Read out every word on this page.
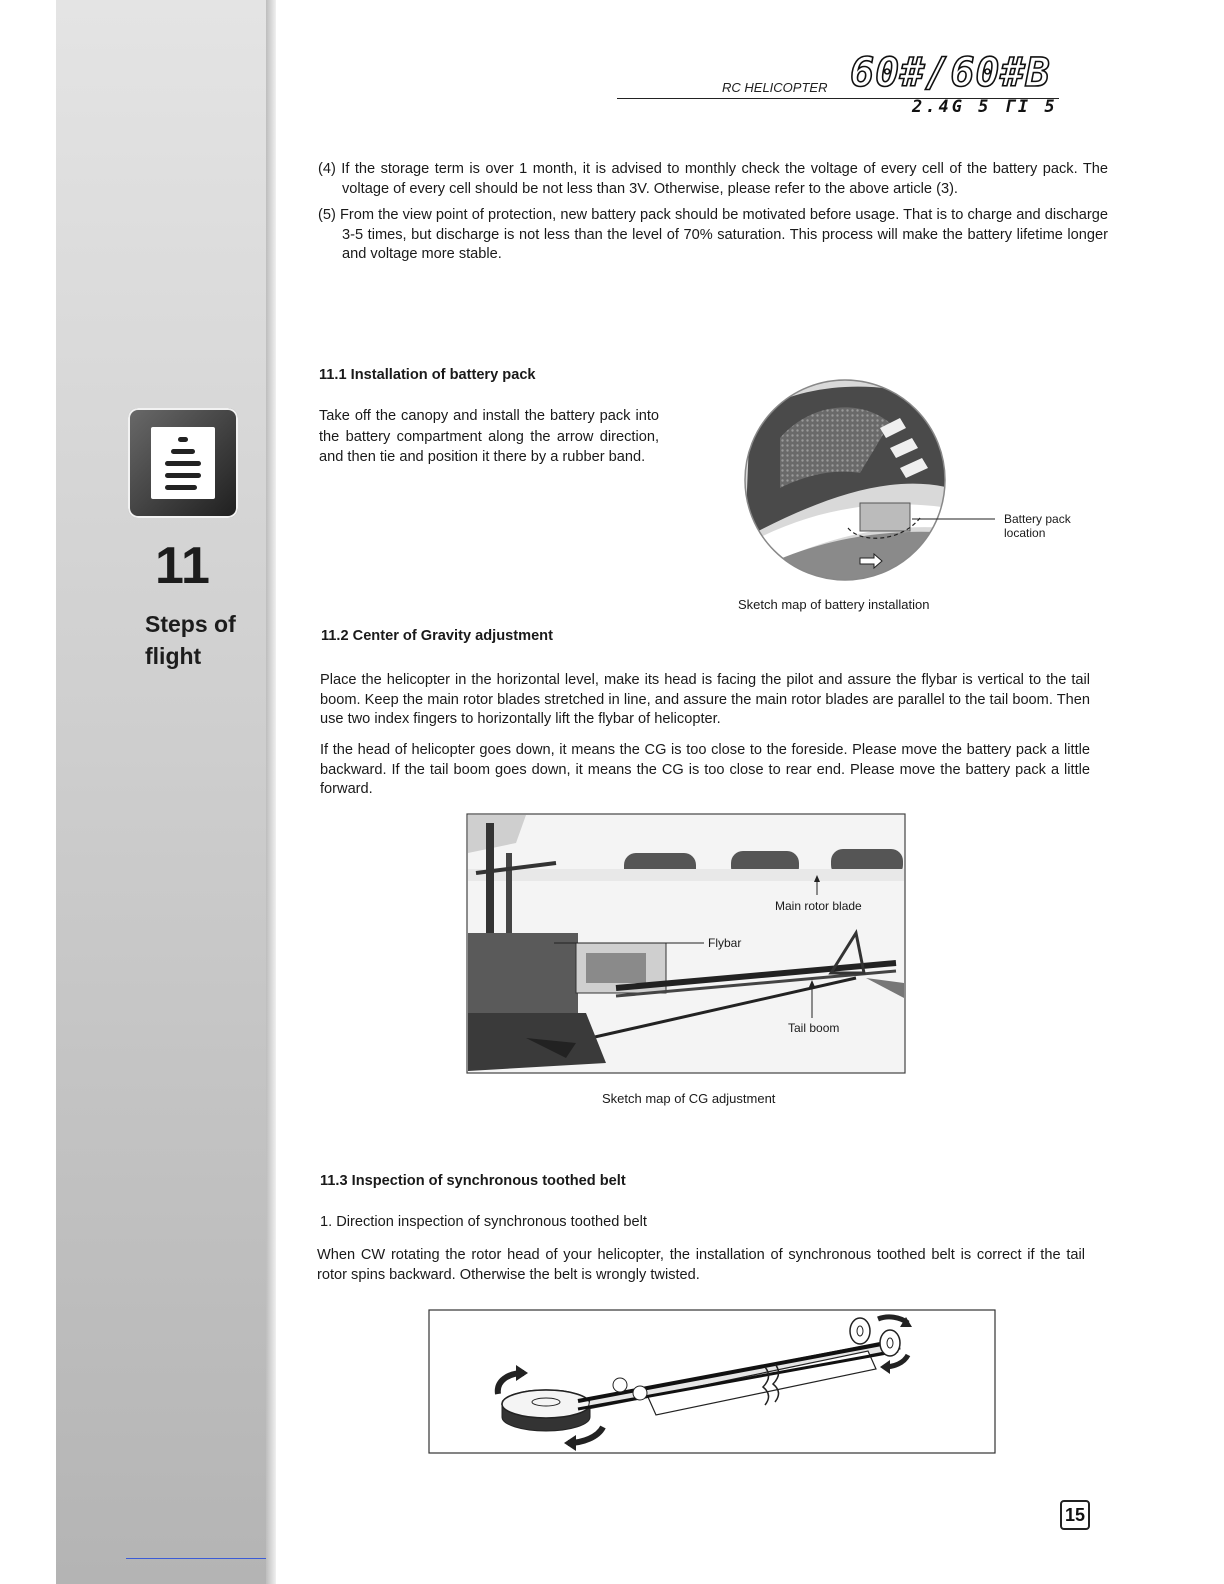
11
Steps of flight
RC HELICOPTER 60#/60#B
2.4G 5 ГI 5
(4) If the storage term is over 1 month, it is advised to monthly check the voltage of every cell of the battery pack. The voltage of every cell should be not less than 3V. Otherwise, please refer to the above article (3).
(5) From the view point of protection, new battery pack should be motivated before usage. That is to charge and discharge 3-5 times, but discharge is not less than the level of 70% saturation. This process will make the battery lifetime longer and voltage more stable.
11.1 Installation of battery pack
Take off the canopy and install the battery pack into the battery compartment along the arrow direction, and then tie and position it there by a rubber band.
Battery pack location
Sketch map of battery installation
11.2 Center of Gravity adjustment
Place the helicopter in the horizontal level, make its head is facing the pilot and assure the flybar is vertical to the tail boom. Keep the main rotor blades stretched in line, and assure the main rotor blades are parallel to the tail boom. Then use two index fingers to horizontally lift the flybar of helicopter.
If the head of helicopter goes down, it means the CG is too close to the foreside. Please move the battery pack a little backward. If the tail boom goes down, it means the CG is too close to rear end. Please move the battery pack a little forward.
Main rotor blade
Flybar
Tail boom
Sketch map of CG adjustment
11.3 Inspection of synchronous toothed belt
1. Direction inspection of synchronous toothed belt
When CW rotating the rotor head of your helicopter, the installation of synchronous toothed belt is correct if the tail rotor spins backward. Otherwise the belt is wrongly twisted.
15
